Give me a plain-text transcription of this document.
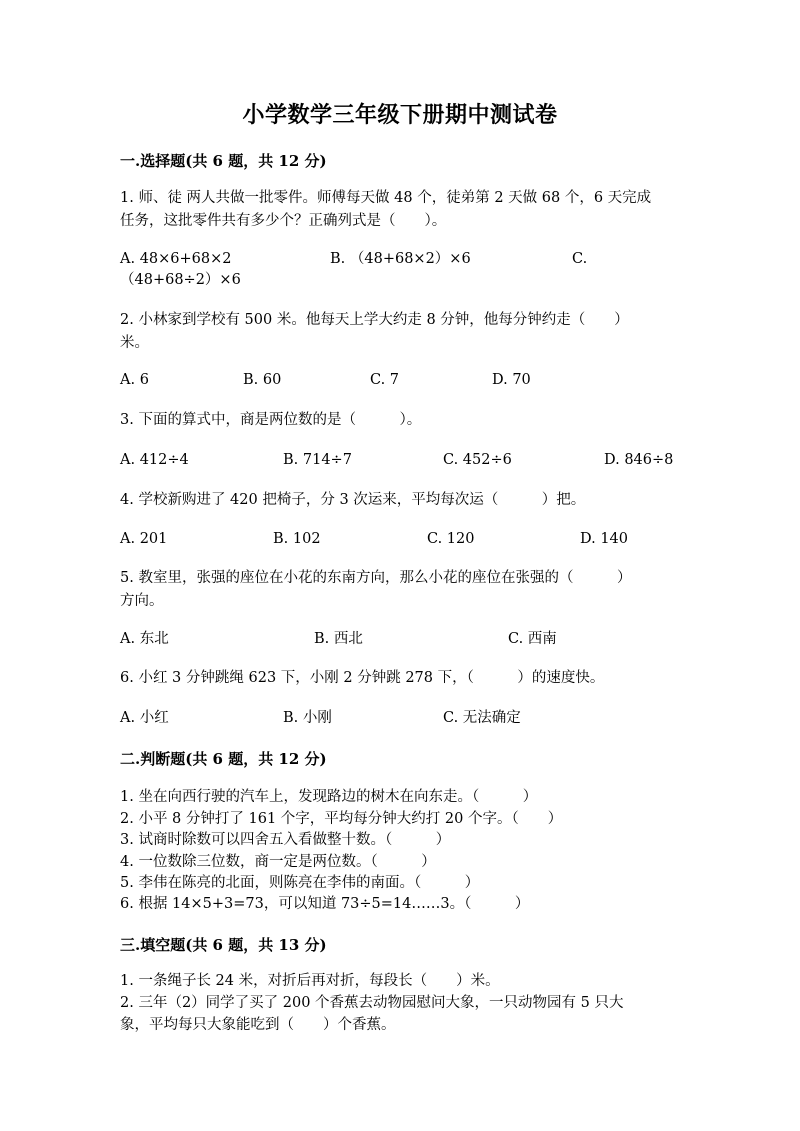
小学数学三年级下册期中测试卷
一.选择题(共 6 题，共 12 分)
1. 师、徒 两人共做一批零件。师傅每天做 48 个，徒弟第 2 天做 68 个，6 天完成
任务，这批零件共有多少个？正确列式是（　　）。
A. 48×6+68×2	B. （48+68×2）×6	C.
（48+68÷2）×6
2. 小林家到学校有 500 米。他每天上学大约走 8 分钟，他每分钟约走（　　）
米。
A. 6	B. 60	C. 7	D. 70
3. 下面的算式中，商是两位数的是（　　　）。
A. 412÷4	B. 714÷7	C. 452÷6	D. 846÷8
4. 学校新购进了 420 把椅子，分 3 次运来，平均每次运（　　　）把。
A. 201	B. 102	C. 120	D. 140
5. 教室里，张强的座位在小花的东南方向，那么小花的座位在张强的（　　　）
方向。
A. 东北	B. 西北	C. 西南
6. 小红 3 分钟跳绳 623 下，小刚 2 分钟跳 278 下，（　　　）的速度快。
A. 小红	B. 小刚	C. 无法确定
二.判断题(共 6 题，共 12 分)
1. 坐在向西行驶的汽车上，发现路边的树木在向东走。（　　　）
2. 小平 8 分钟打了 161 个字，平均每分钟大约打 20 个字。（　　）
3. 试商时除数可以四舍五入看做整十数。（　　　）
4. 一位数除三位数，商一定是两位数。（　　　）
5. 李伟在陈亮的北面，则陈亮在李伟的南面。（　　　）
6. 根据 14×5+3=73，可以知道 73÷5=14……3。（　　　）
三.填空题(共 6 题，共 13 分)
1. 一条绳子长 24 米，对折后再对折，每段长（　　）米。
2. 三年（2）同学了买了 200 个香蕉去动物园慰问大象，一只动物园有 5 只大
象，平均每只大象能吃到（　　）个香蕉。
